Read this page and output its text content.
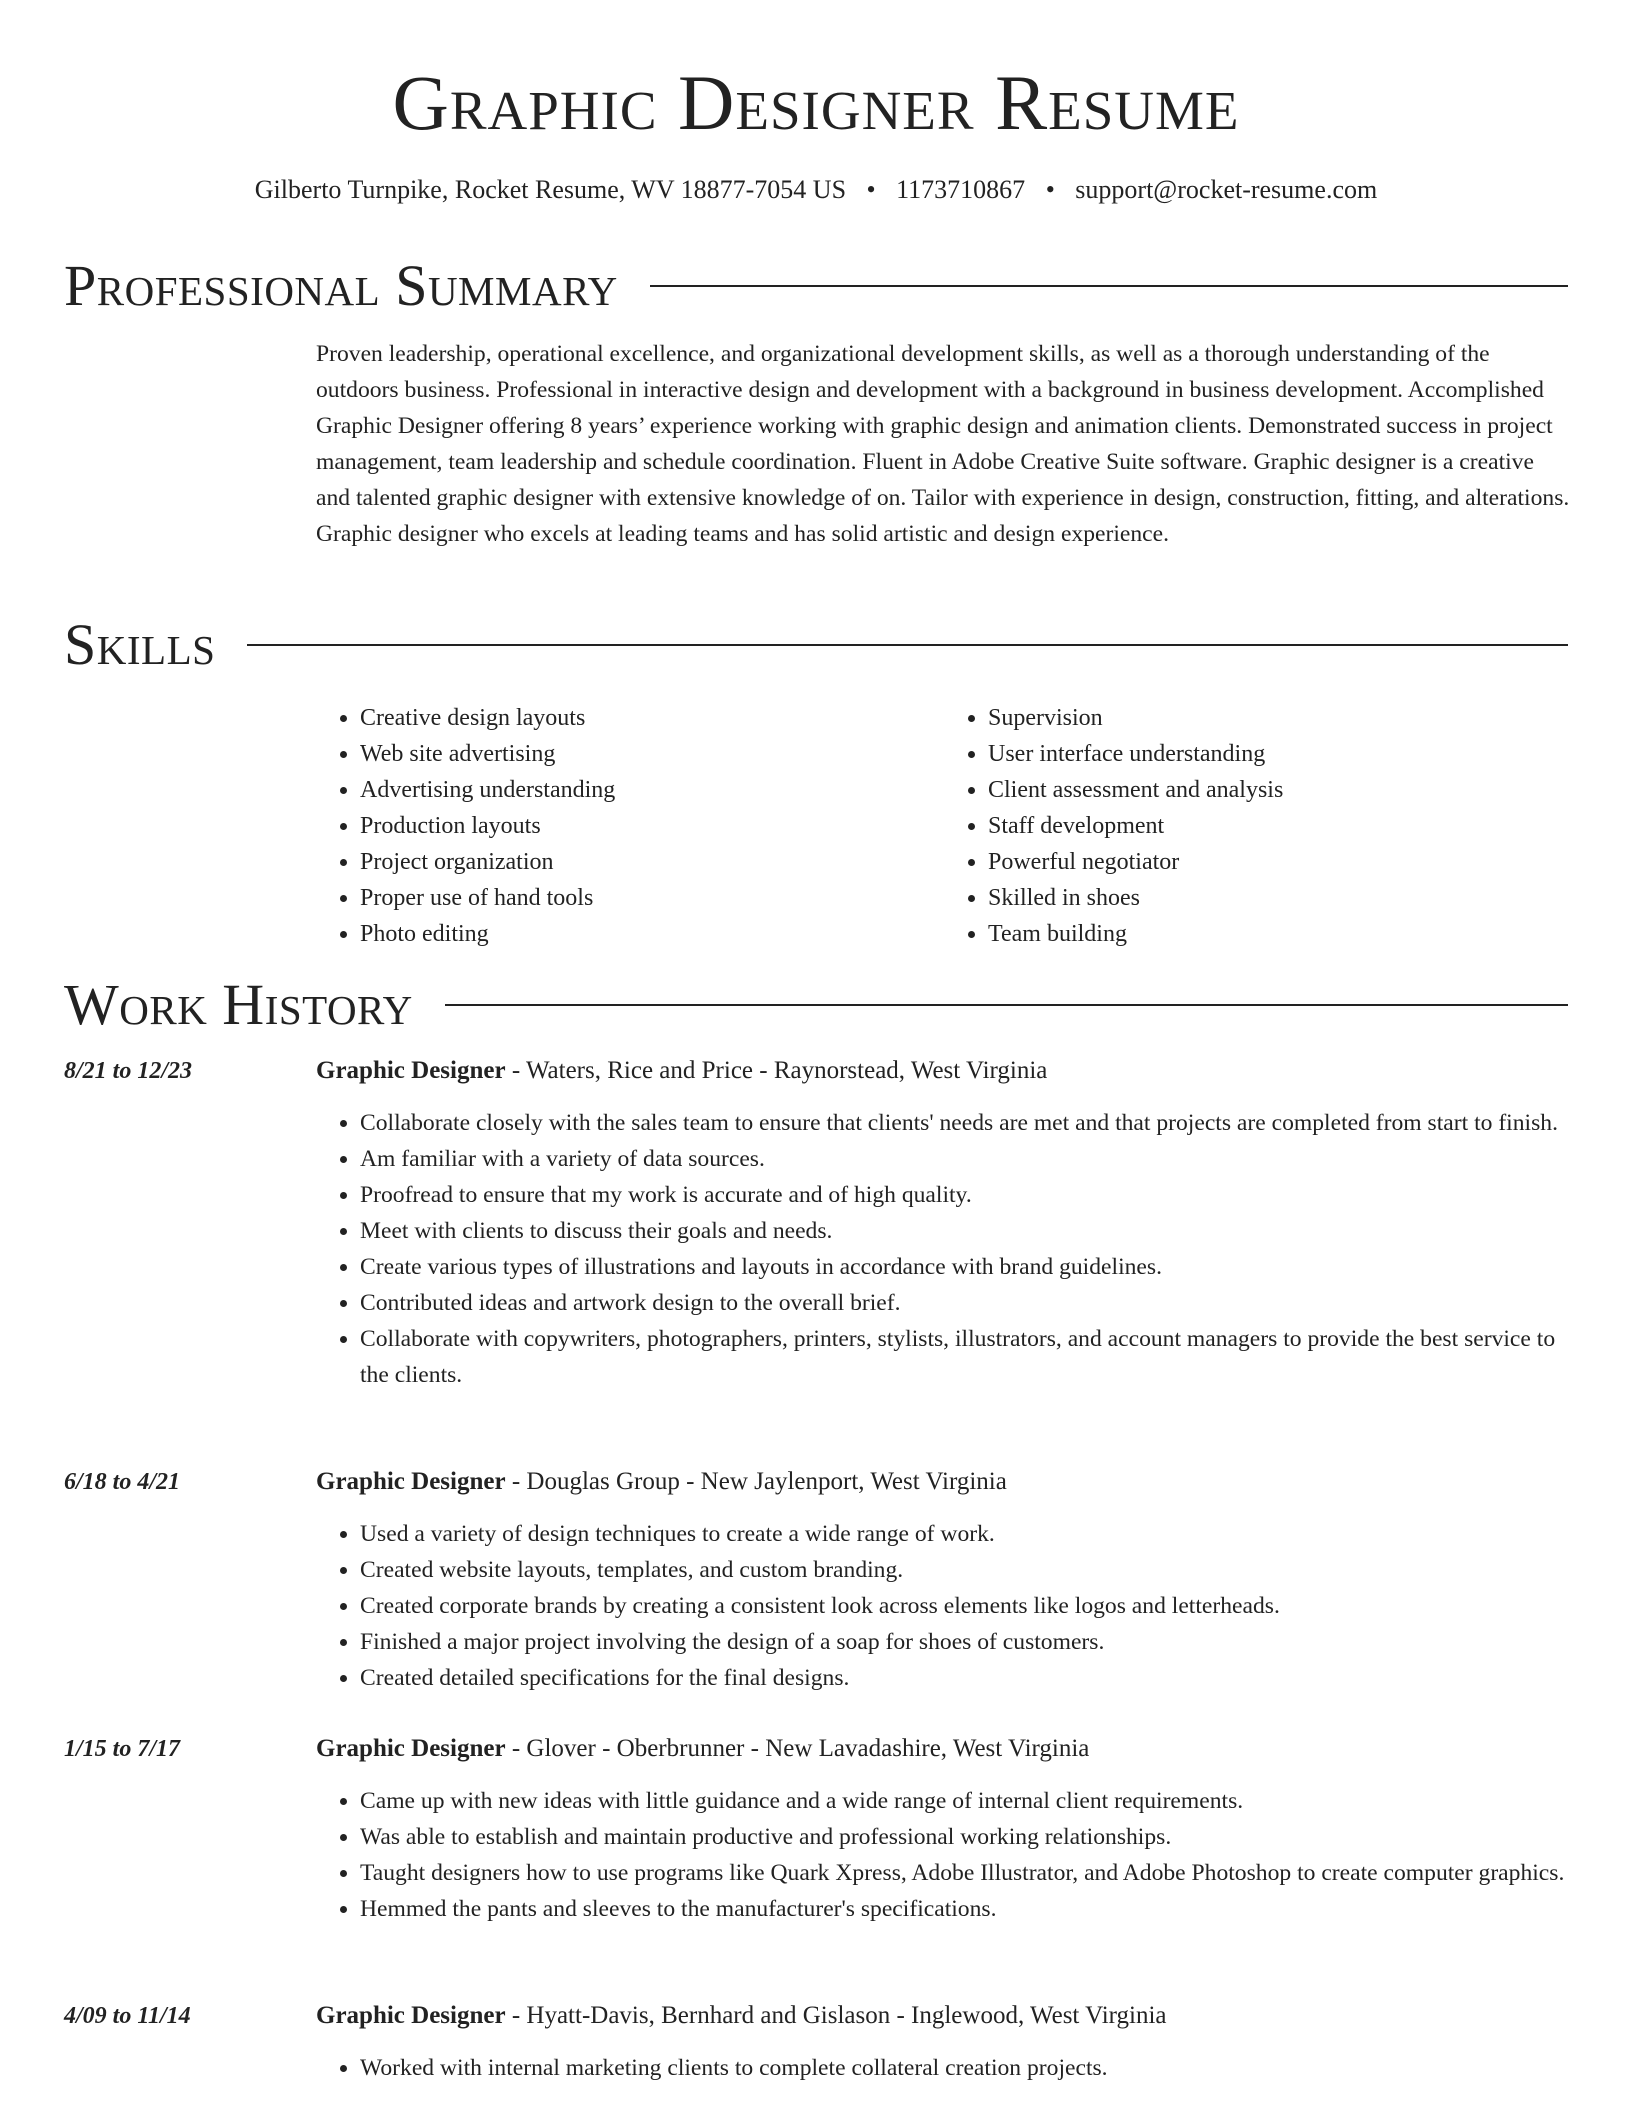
Graphic Designer Resume
Gilberto Turnpike, Rocket Resume, WV 18877-7054 US • 1173710867 • support@rocket-resume.com
Professional Summary

Proven leadership, operational excellence, and organizational development skills, as well as a thorough understanding of the outdoors business. Professional in interactive design and development with a background in business development. Accomplished Graphic Designer offering 8 years’ experience working with graphic design and animation clients. Demonstrated success in project management, team leadership and schedule coordination. Fluent in Adobe Creative Suite software. Graphic designer is a creative and talented graphic designer with extensive knowledge of on. Tailor with experience in design, construction, fitting, and alterations. Graphic designer who excels at leading teams and has solid artistic and design experience.

Skills
• Creative design layouts
• Web site advertising
• Advertising understanding
• Production layouts
• Project organization
• Proper use of hand tools
• Photo editing
• Supervision
• User interface understanding
• Client assessment and analysis
• Staff development
• Powerful negotiator
• Skilled in shoes
• Team building
Work History
8/21 to 12/23	Graphic Designer - Waters, Rice and Price - Raynorstead, West Virginia
• Collaborate closely with the sales team to ensure that clients' needs are met and that projects are completed from start to finish.
• Am familiar with a variety of data sources.
• Proofread to ensure that my work is accurate and of high quality.
• Meet with clients to discuss their goals and needs.
• Create various types of illustrations and layouts in accordance with brand guidelines.
• Contributed ideas and artwork design to the overall brief.
• Collaborate with copywriters, photographers, printers, stylists, illustrators, and account managers to provide the best service to the clients.
6/18 to 4/21	Graphic Designer - Douglas Group - New Jaylenport, West Virginia
• Used a variety of design techniques to create a wide range of work.
• Created website layouts, templates, and custom branding.
• Created corporate brands by creating a consistent look across elements like logos and letterheads.
• Finished a major project involving the design of a soap for shoes of customers.
• Created detailed specifications for the final designs.
1/15 to 7/17	Graphic Designer - Glover - Oberbrunner - New Lavadashire, West Virginia
• Came up with new ideas with little guidance and a wide range of internal client requirements.
• Was able to establish and maintain productive and professional working relationships.
• Taught designers how to use programs like Quark Xpress, Adobe Illustrator, and Adobe Photoshop to create computer graphics.
• Hemmed the pants and sleeves to the manufacturer's specifications.
4/09 to 11/14	Graphic Designer - Hyatt-Davis, Bernhard and Gislason - Inglewood, West Virginia
• Worked with internal marketing clients to complete collateral creation projects.
